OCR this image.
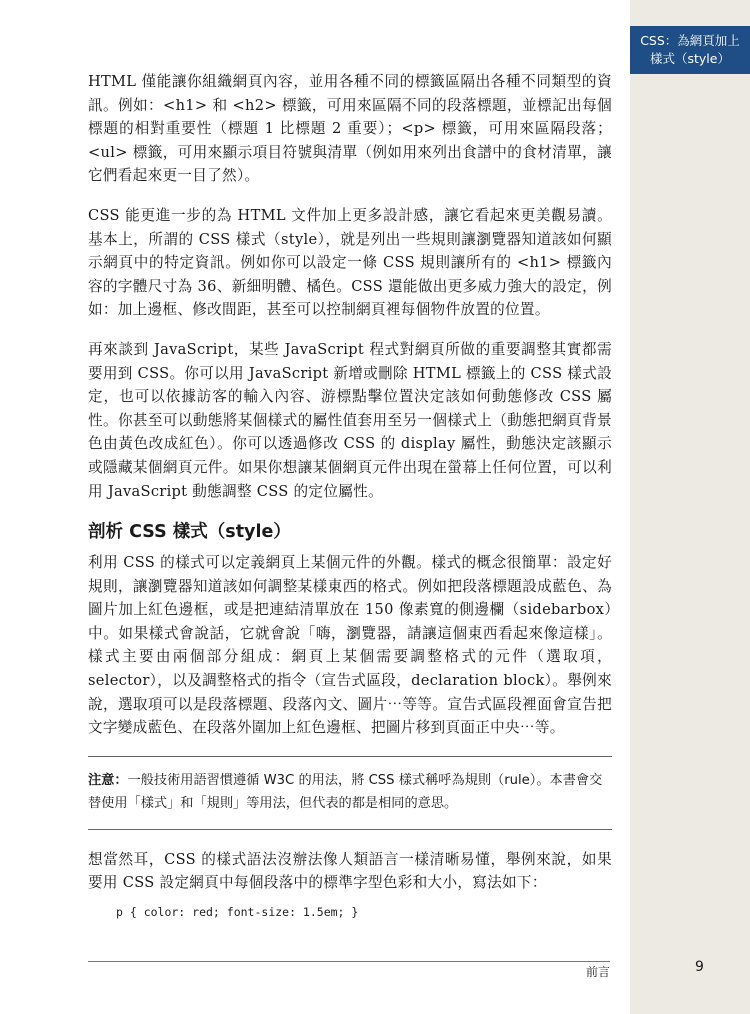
CSS：為網頁加上
樣式（style）

HTML 僅能讓你組織網頁內容，並用各種不同的標籤區隔出各種不同類型的資訊。例如：<h1> 和 <h2> 標籤，可用來區隔不同的段落標題，並標記出每個標題的相對重要性（標題 1 比標題 2 重要）；<p> 標籤，可用來區隔段落；<ul> 標籤，可用來顯示項目符號與清單（例如用來列出食譜中的食材清單，讓它們看起來更一目了然）。

CSS 能更進一步的為 HTML 文件加上更多設計感，讓它看起來更美觀易讀。基本上，所謂的 CSS 樣式（style），就是列出一些規則讓瀏覽器知道該如何顯示網頁中的特定資訊。例如你可以設定一條 CSS 規則讓所有的 <h1> 標籤內容的字體尺寸為 36、新細明體、橘色。CSS 還能做出更多威力強大的設定，例如：加上邊框、修改間距，甚至可以控制網頁裡每個物件放置的位置。

再來談到 JavaScript，某些 JavaScript 程式對網頁所做的重要調整其實都需要用到 CSS。你可以用 JavaScript 新增或刪除 HTML 標籤上的 CSS 樣式設定，也可以依據訪客的輸入內容、游標點擊位置決定該如何動態修改 CSS 屬性。你甚至可以動態將某個樣式的屬性值套用至另一個樣式上（動態把網頁背景色由黃色改成紅色）。你可以透過修改 CSS 的 display 屬性，動態決定該顯示或隱藏某個網頁元件。如果你想讓某個網頁元件出現在螢幕上任何位置，可以利用 JavaScript 動態調整 CSS 的定位屬性。

剖析 CSS 樣式（style）

利用 CSS 的樣式可以定義網頁上某個元件的外觀。樣式的概念很簡單：設定好規則，讓瀏覽器知道該如何調整某樣東西的格式。例如把段落標題設成藍色、為圖片加上紅色邊框，或是把連結清單放在 150 像素寬的側邊欄（sidebarbox）中。如果樣式會說話，它就會說「嗨，瀏覽器，請讓這個東西看起來像這樣」。樣式主要由兩個部分組成：網頁上某個需要調整格式的元件（選取項，selector），以及調整格式的指令（宣告式區段，declaration block）。舉例來說，選取項可以是段落標題、段落內文、圖片⋯等等。宣告式區段裡面會宣告把文字變成藍色、在段落外圍加上紅色邊框、把圖片移到頁面正中央⋯等。

注意：一般技術用語習慣遵循 W3C 的用法，將 CSS 樣式稱呼為規則（rule）。本書會交替使用「樣式」和「規則」等用法，但代表的都是相同的意思。

想當然耳，CSS 的樣式語法沒辦法像人類語言一樣清晰易懂，舉例來說，如果要用 CSS 設定網頁中每個段落中的標準字型色彩和大小，寫法如下：

p { color: red; font-size: 1.5em; }
前言	9
